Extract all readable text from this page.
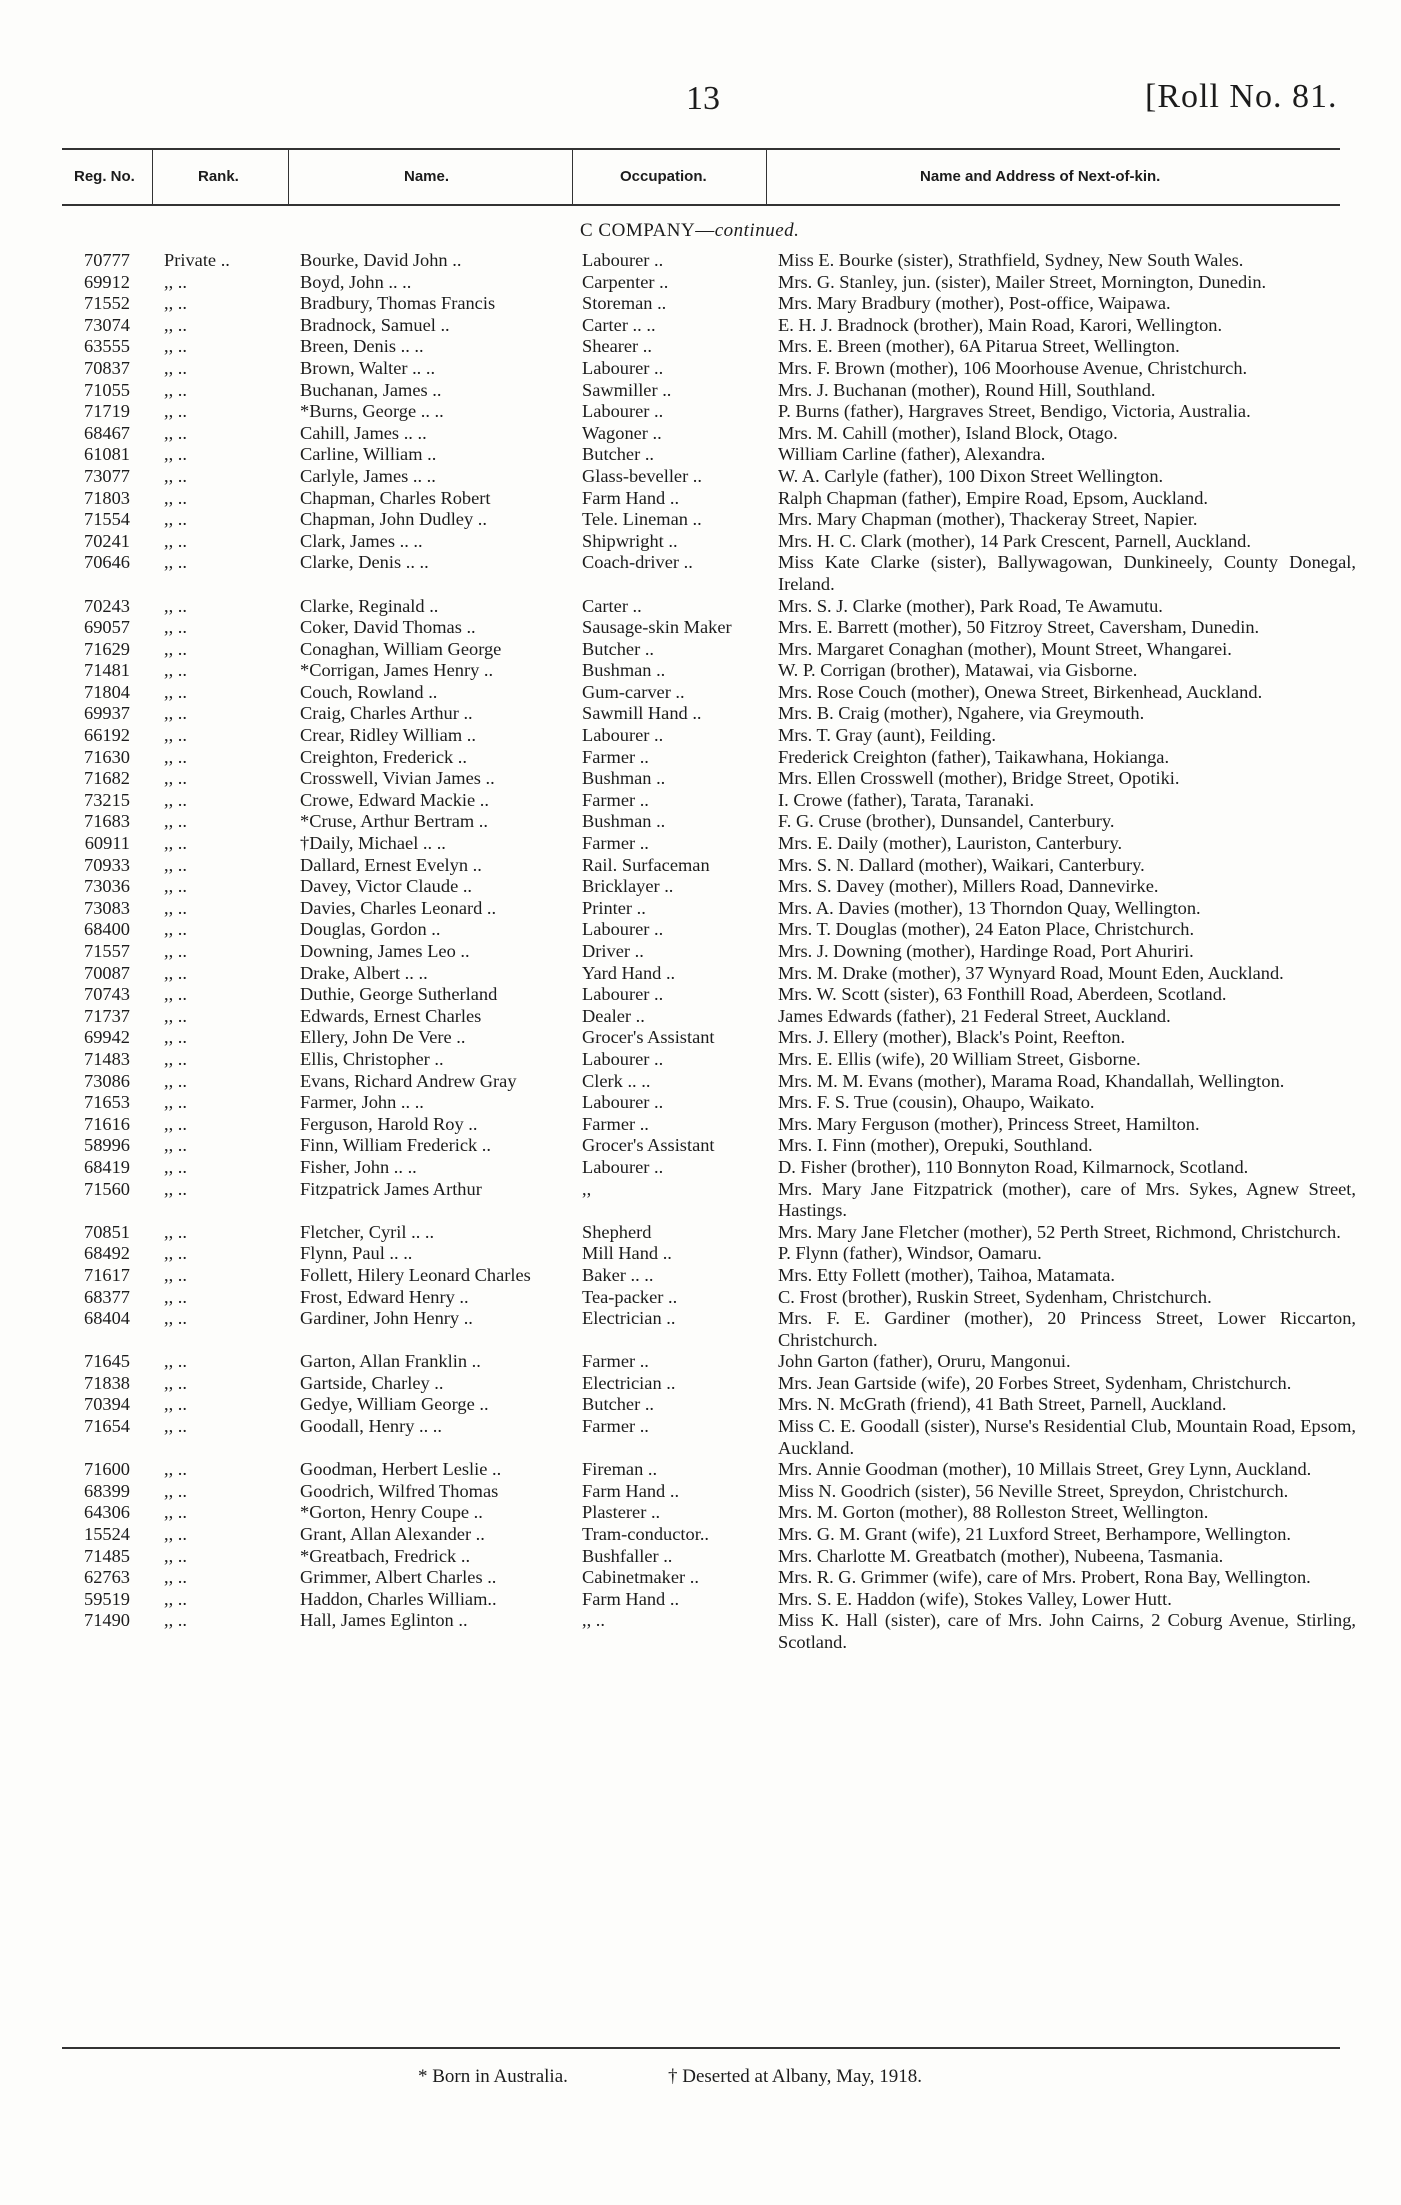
13	[Roll No. 81.
Reg. No.	Rank.	Name.	Occupation.	Name and Address of Next-of-kin.
C COMPANY—continued.
70777	Private ..	Bourke, David John ..	Labourer ..	Miss E. Bourke (sister), Strathfield, Sydney, New South Wales.
69912	,, ..	Boyd, John .. ..	Carpenter ..	Mrs. G. Stanley, jun. (sister), Mailer Street, Mornington, Dunedin.
71552	,, ..	Bradbury, Thomas Francis	Storeman ..	Mrs. Mary Bradbury (mother), Post-office, Waipawa.
73074	,, ..	Bradnock, Samuel ..	Carter .. ..	E. H. J. Bradnock (brother), Main Road, Karori, Wellington.
63555	,, ..	Breen, Denis .. ..	Shearer ..	Mrs. E. Breen (mother), 6A Pitarua Street, Wellington.
70837	,, ..	Brown, Walter .. ..	Labourer ..	Mrs. F. Brown (mother), 106 Moorhouse Avenue, Christchurch.
71055	,, ..	Buchanan, James ..	Sawmiller ..	Mrs. J. Buchanan (mother), Round Hill, Southland.
71719	,, ..	*Burns, George .. ..	Labourer ..	P. Burns (father), Hargraves Street, Bendigo, Victoria, Australia.
68467	,, ..	Cahill, James .. ..	Wagoner ..	Mrs. M. Cahill (mother), Island Block, Otago.
61081	,, ..	Carline, William ..	Butcher ..	William Carline (father), Alexandra.
73077	,, ..	Carlyle, James .. ..	Glass-beveller ..	W. A. Carlyle (father), 100 Dixon Street Wellington.
71803	,, ..	Chapman, Charles Robert	Farm Hand ..	Ralph Chapman (father), Empire Road, Epsom, Auckland.
71554	,, ..	Chapman, John Dudley ..	Tele. Lineman ..	Mrs. Mary Chapman (mother), Thackeray Street, Napier.
70241	,, ..	Clark, James .. ..	Shipwright ..	Mrs. H. C. Clark (mother), 14 Park Crescent, Parnell, Auckland.
70646	,, ..	Clarke, Denis .. ..	Coach-driver ..	Miss Kate Clarke (sister), Ballywagowan, Dunkineely, County Donegal, Ireland.
70243	,, ..	Clarke, Reginald ..	Carter ..	Mrs. S. J. Clarke (mother), Park Road, Te Awamutu.
69057	,, ..	Coker, David Thomas ..	Sausage-skin Maker	Mrs. E. Barrett (mother), 50 Fitzroy Street, Caversham, Dunedin.
71629	,, ..	Conaghan, William George	Butcher ..	Mrs. Margaret Conaghan (mother), Mount Street, Whangarei.
71481	,, ..	*Corrigan, James Henry ..	Bushman ..	W. P. Corrigan (brother), Matawai, via Gisborne.
71804	,, ..	Couch, Rowland ..	Gum-carver ..	Mrs. Rose Couch (mother), Onewa Street, Birkenhead, Auckland.
69937	,, ..	Craig, Charles Arthur ..	Sawmill Hand ..	Mrs. B. Craig (mother), Ngahere, via Greymouth.
66192	,, ..	Crear, Ridley William ..	Labourer ..	Mrs. T. Gray (aunt), Feilding.
71630	,, ..	Creighton, Frederick ..	Farmer ..	Frederick Creighton (father), Taikawhana, Hokianga.
71682	,, ..	Crosswell, Vivian James ..	Bushman ..	Mrs. Ellen Crosswell (mother), Bridge Street, Opotiki.
73215	,, ..	Crowe, Edward Mackie ..	Farmer ..	I. Crowe (father), Tarata, Taranaki.
71683	,, ..	*Cruse, Arthur Bertram ..	Bushman ..	F. G. Cruse (brother), Dunsandel, Canterbury.
60911	,, ..	†Daily, Michael .. ..	Farmer ..	Mrs. E. Daily (mother), Lauriston, Canterbury.
70933	,, ..	Dallard, Ernest Evelyn ..	Rail. Surfaceman	Mrs. S. N. Dallard (mother), Waikari, Canterbury.
73036	,, ..	Davey, Victor Claude ..	Bricklayer ..	Mrs. S. Davey (mother), Millers Road, Dannevirke.
73083	,, ..	Davies, Charles Leonard ..	Printer ..	Mrs. A. Davies (mother), 13 Thorndon Quay, Wellington.
68400	,, ..	Douglas, Gordon ..	Labourer ..	Mrs. T. Douglas (mother), 24 Eaton Place, Christchurch.
71557	,, ..	Downing, James Leo ..	Driver ..	Mrs. J. Downing (mother), Hardinge Road, Port Ahuriri.
70087	,, ..	Drake, Albert .. ..	Yard Hand ..	Mrs. M. Drake (mother), 37 Wynyard Road, Mount Eden, Auckland.
70743	,, ..	Duthie, George Sutherland	Labourer ..	Mrs. W. Scott (sister), 63 Fonthill Road, Aberdeen, Scotland.
71737	,, ..	Edwards, Ernest Charles	Dealer ..	James Edwards (father), 21 Federal Street, Auckland.
69942	,, ..	Ellery, John De Vere ..	Grocer's Assistant	Mrs. J. Ellery (mother), Black's Point, Reefton.
71483	,, ..	Ellis, Christopher ..	Labourer ..	Mrs. E. Ellis (wife), 20 William Street, Gisborne.
73086	,, ..	Evans, Richard Andrew Gray	Clerk .. ..	Mrs. M. M. Evans (mother), Marama Road, Khandallah, Wellington.
71653	,, ..	Farmer, John .. ..	Labourer ..	Mrs. F. S. True (cousin), Ohaupo, Waikato.
71616	,, ..	Ferguson, Harold Roy ..	Farmer ..	Mrs. Mary Ferguson (mother), Princess Street, Hamilton.
58996	,, ..	Finn, William Frederick ..	Grocer's Assistant	Mrs. I. Finn (mother), Orepuki, Southland.
68419	,, ..	Fisher, John .. ..	Labourer ..	D. Fisher (brother), 110 Bonnyton Road, Kilmarnock, Scotland.
71560	,, ..	Fitzpatrick James Arthur	,,	Mrs. Mary Jane Fitzpatrick (mother), care of Mrs. Sykes, Agnew Street, Hastings.
70851	,, ..	Fletcher, Cyril .. ..	Shepherd	Mrs. Mary Jane Fletcher (mother), 52 Perth Street, Richmond, Christchurch.
68492	,, ..	Flynn, Paul .. ..	Mill Hand ..	P. Flynn (father), Windsor, Oamaru.
71617	,, ..	Follett, Hilery Leonard Charles	Baker .. ..	Mrs. Etty Follett (mother), Taihoa, Matamata.
68377	,, ..	Frost, Edward Henry ..	Tea-packer ..	C. Frost (brother), Ruskin Street, Sydenham, Christchurch.
68404	,, ..	Gardiner, John Henry ..	Electrician ..	Mrs. F. E. Gardiner (mother), 20 Princess Street, Lower Riccarton, Christchurch.
71645	,, ..	Garton, Allan Franklin ..	Farmer ..	John Garton (father), Oruru, Mangonui.
71838	,, ..	Gartside, Charley ..	Electrician ..	Mrs. Jean Gartside (wife), 20 Forbes Street, Sydenham, Christchurch.
70394	,, ..	Gedye, William George ..	Butcher ..	Mrs. N. McGrath (friend), 41 Bath Street, Parnell, Auckland.
71654	,, ..	Goodall, Henry .. ..	Farmer ..	Miss C. E. Goodall (sister), Nurse's Residential Club, Mountain Road, Epsom, Auckland.
71600	,, ..	Goodman, Herbert Leslie ..	Fireman ..	Mrs. Annie Goodman (mother), 10 Millais Street, Grey Lynn, Auckland.
68399	,, ..	Goodrich, Wilfred Thomas	Farm Hand ..	Miss N. Goodrich (sister), 56 Neville Street, Spreydon, Christchurch.
64306	,, ..	*Gorton, Henry Coupe ..	Plasterer ..	Mrs. M. Gorton (mother), 88 Rolleston Street, Wellington.
15524	,, ..	Grant, Allan Alexander ..	Tram-conductor..	Mrs. G. M. Grant (wife), 21 Luxford Street, Berhampore, Wellington.
71485	,, ..	*Greatbach, Fredrick ..	Bushfaller ..	Mrs. Charlotte M. Greatbatch (mother), Nubeena, Tasmania.
62763	,, ..	Grimmer, Albert Charles ..	Cabinetmaker ..	Mrs. R. G. Grimmer (wife), care of Mrs. Probert, Rona Bay, Wellington.
59519	,, ..	Haddon, Charles William..	Farm Hand ..	Mrs. S. E. Haddon (wife), Stokes Valley, Lower Hutt.
71490	,, ..	Hall, James Eglinton ..	,, ..	Miss K. Hall (sister), care of Mrs. John Cairns, 2 Coburg Avenue, Stirling, Scotland.
* Born in Australia.	† Deserted at Albany, May, 1918.
